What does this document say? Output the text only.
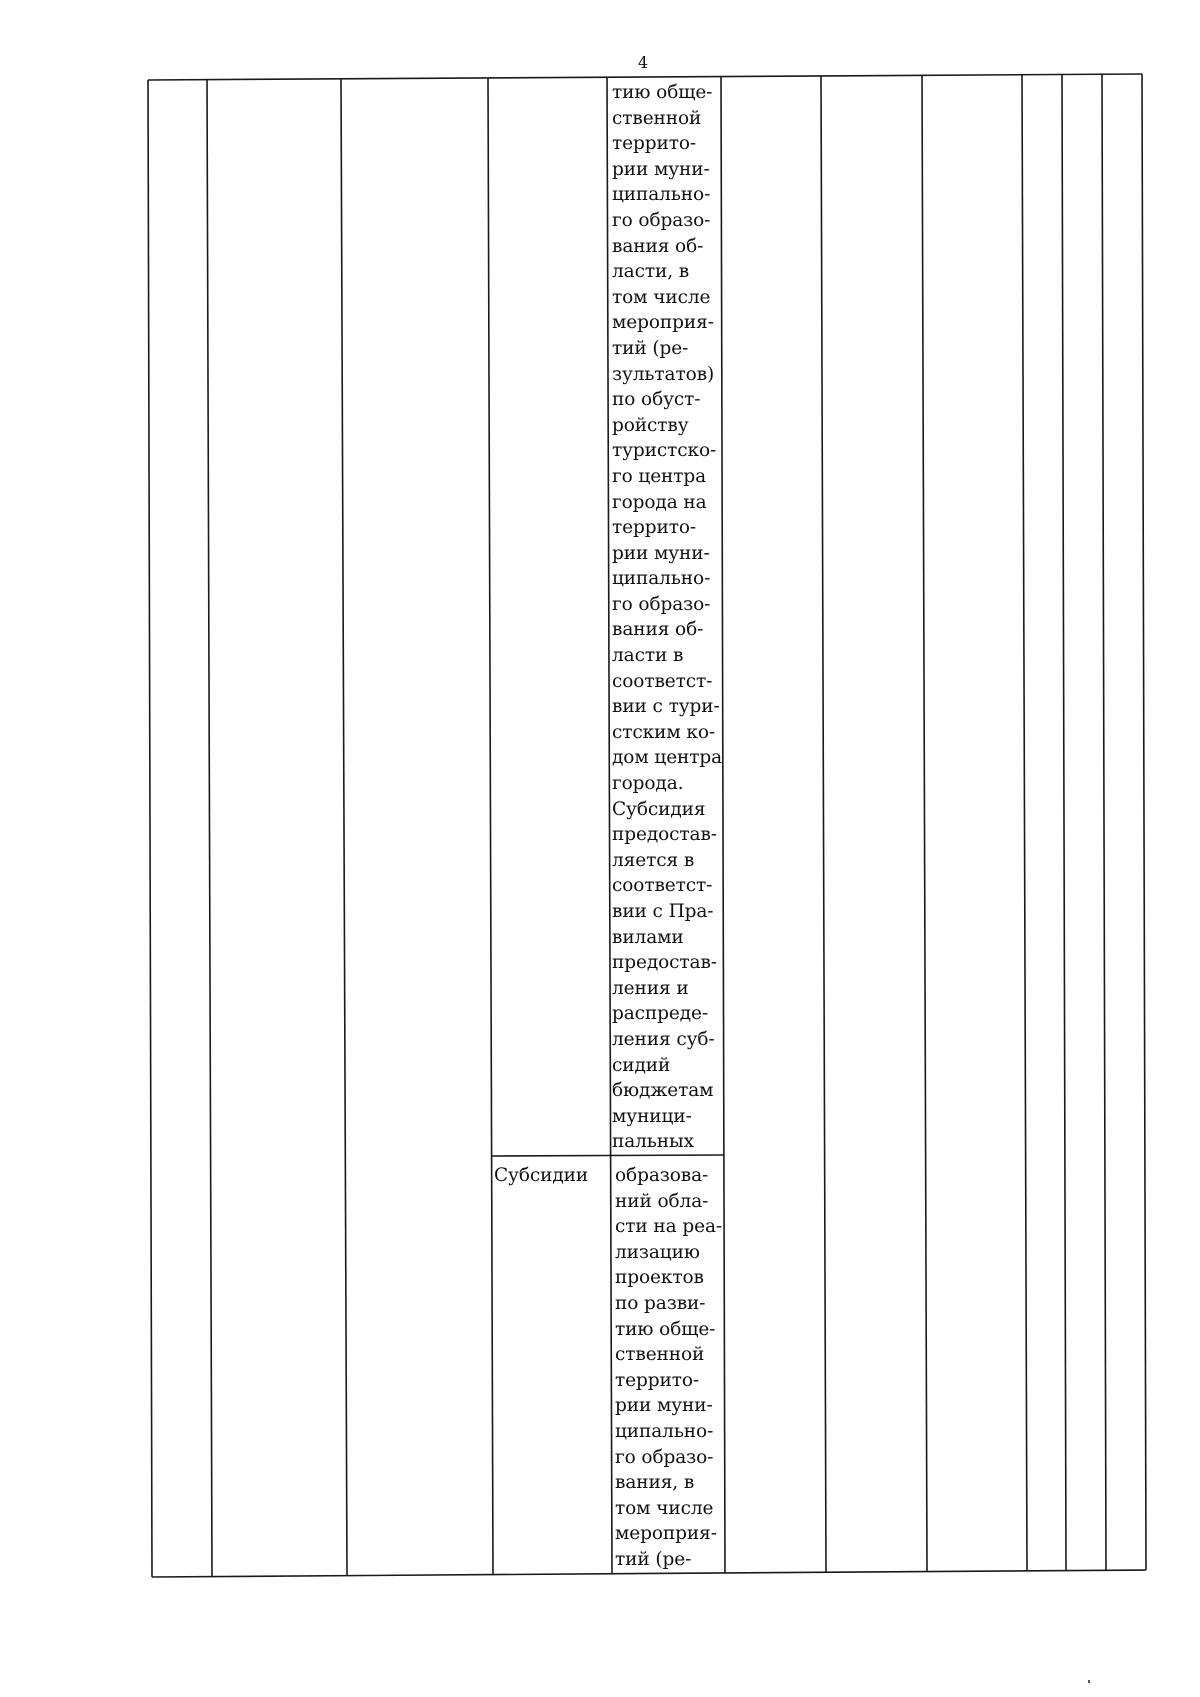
4
тию обще-
ственной
террито-
рии муни-
ципально-
го образо-
вания об-
ласти, в
том числе
мероприя-
тий (ре-
зультатов)
по обуст-
ройству
туристско-
го центра
города на
террито-
рии муни-
ципально-
го образо-
вания об-
ласти в
соответст-
вии с тури-
стским ко-
дом центра
города.
Субсидия
предостав-
ляется в
соответст-
вии с Пра-
вилами
предостав-
ления и
распреде-
ления суб-
сидий
бюджетам
муници-
пальных
Субсидии	образова-
ний обла-
сти на реа-
лизацию
проектов
по разви-
тию обще-
ственной
террито-
рии муни-
ципально-
го образо-
вания, в
том числе
мероприя-
тий (ре-
